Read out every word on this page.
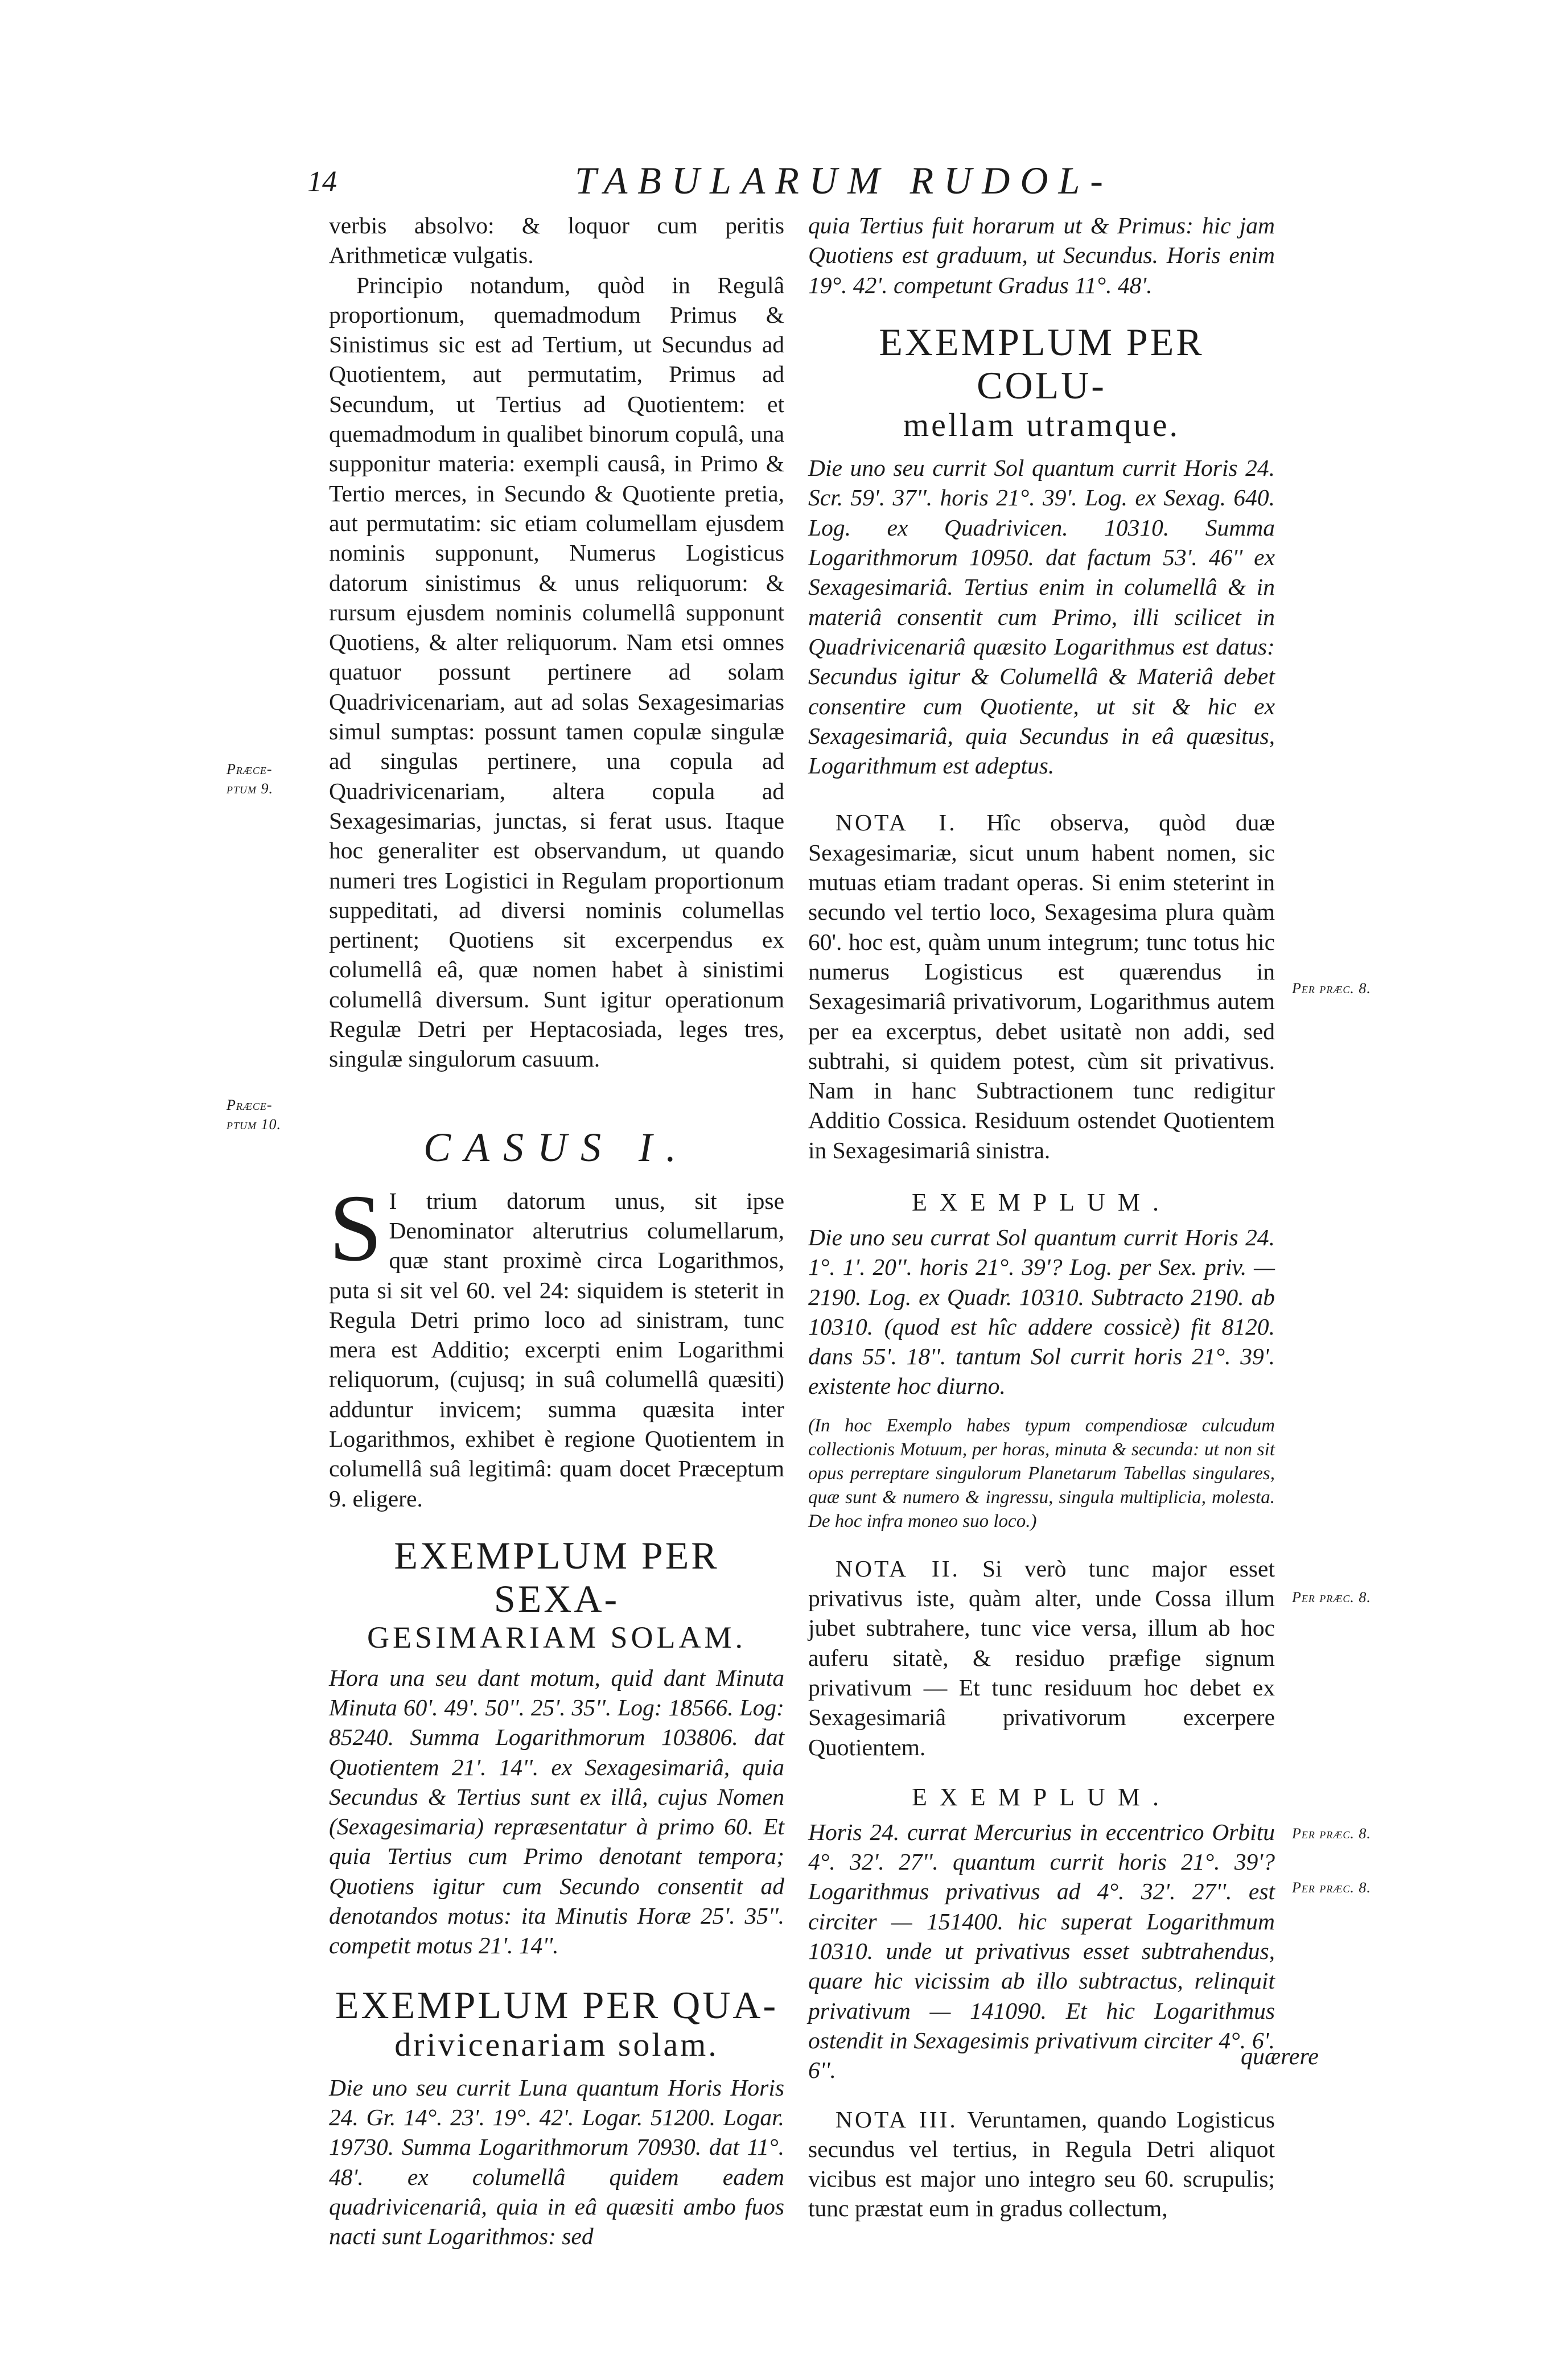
14	TABULARUM RUDOL-
Præce-
ptum 9.
Præce-
ptum 10.
Per præc. 8.
Per præc. 8.
Per præc. 8.
Per præc. 8.

verbis absolvo: & loquor cum peritis Arithmeticæ vulgatis.

Principio notandum, quòd in Regulâ proportionum, quemadmodum Primus & Sinistimus sic est ad Tertium, ut Secundus ad Quotientem, aut permutatim, Primus ad Secundum, ut Tertius ad Quotientem: et quemadmodum in qualibet binorum copulâ, una supponitur materia: exempli causâ, in Primo & Tertio merces, in Secundo & Quotiente pretia, aut permutatim: sic etiam columellam ejusdem nominis supponunt, Numerus Logisticus datorum sinistimus & unus reliquorum: & rursum ejusdem nominis columellâ supponunt Quotiens, & alter reliquorum. Nam etsi omnes quatuor possunt pertinere ad solam Quadrivicenariam, aut ad solas Sexagesimarias simul sumptas: possunt tamen copulæ singulæ ad singulas pertinere, una copula ad Quadrivicenariam, altera copula ad Sexagesimarias, junctas, si ferat usus. Itaque hoc generaliter est observandum, ut quando numeri tres Logistici in Regulam proportionum suppeditati, ad diversi nominis columellas pertinent; Quotiens sit excerpendus ex columellâ eâ, quæ nomen habet à sinistimi columellâ diversum. Sunt igitur operationum Regulæ Detri per Heptacosiada, leges tres, singulæ singulorum casuum.

CASUS I.

S I trium datorum unus, sit ipse Denominator alterutrius columellarum, quæ stant proximè circa Logarithmos, puta si sit vel 60. vel 24: siquidem is steterit in Regula Detri primo loco ad sinistram, tunc mera est Additio; excerpti enim Logarithmi reliquorum, (cujusq; in suâ columellâ quæsiti) adduntur invicem; summa quæsita inter Logarithmos, exhibet è regione Quotientem in columellâ suâ legitimâ: quam docet Præceptum 9. eligere.

EXEMPLUM PER SEXA-
GESIMARIAM SOLAM.

Hora una seu dant motum, quid dant Minuta Minuta 60'. 49'. 50''. 25'. 35''. Log: 18566. Log: 85240. Summa Logarithmorum 103806. dat Quotientem 21'. 14''. ex Sexagesimariâ, quia Secundus & Tertius sunt ex illâ, cujus Nomen (Sexagesimaria) repræsentatur à primo 60. Et quia Tertius cum Primo denotant tempora; Quotiens igitur cum Secundo consentit ad denotandos motus: ita Minutis Horæ 25'. 35''. competit motus 21'. 14''.

EXEMPLUM PER QUA-
drivicenariam solam.

Die uno seu currit Luna quantum Horis Horis 24. Gr. 14°. 23'. 19°. 42'. Logar. 51200. Logar. 19730. Summa Logarithmorum 70930. dat 11°. 48'. ex columellâ quidem eadem quadrivicenariâ, quia in eâ quæsiti ambo fuos nacti sunt Logarithmos: sed

quia Tertius fuit horarum ut & Primus: hic jam Quotiens est graduum, ut Secundus. Horis enim 19°. 42'. competunt Gradus 11°. 48'.

EXEMPLUM PER COLU-
mellam utramque.

Die uno seu currit Sol quantum currit Horis 24. Scr. 59'. 37''. horis 21°. 39'. Log. ex Sexag. 640. Log. ex Quadrivicen. 10310. Summa Logarithmorum 10950. dat factum 53'. 46'' ex Sexagesimariâ. Tertius enim in columellâ & in materiâ consentit cum Primo, illi scilicet in Quadrivicenariâ quæsito Logarithmus est datus: Secundus igitur & Columellâ & Materiâ debet consentire cum Quotiente, ut sit & hic ex Sexagesimariâ, quia Secundus in eâ quæsitus, Logarithmum est adeptus.

NOTA I. Hîc observa, quòd duæ Sexagesimariæ, sicut unum habent nomen, sic mutuas etiam tradant operas. Si enim steterint in secundo vel tertio loco, Sexagesima plura quàm 60'. hoc est, quàm unum integrum; tunc totus hic numerus Logisticus est quærendus in Sexagesimariâ privativorum, Logarithmus autem per ea excerptus, debet usitatè non addi, sed subtrahi, si quidem potest, cùm sit privativus. Nam in hanc Subtractionem tunc redigitur Additio Cossica. Residuum ostendet Quotientem in Sexagesimariâ sinistra.

EXEMPLUM.

Die uno seu currat Sol quantum currit Horis 24. 1°. 1'. 20''. horis 21°. 39'? Log. per Sex. priv. — 2190. Log. ex Quadr. 10310. Subtracto 2190. ab 10310. (quod est hîc addere cossicè) fit 8120. dans 55'. 18''. tantum Sol currit horis 21°. 39'. existente hoc diurno.

(In hoc Exemplo habes typum compendiosæ culcudum collectionis Motuum, per horas, minuta & secunda: ut non sit opus perreptare singulorum Planetarum Tabellas singulares, quæ sunt & numero & ingressu, singula multiplicia, molesta. De hoc infra moneo suo loco.)

NOTA II. Si verò tunc major esset privativus iste, quàm alter, unde Cossa illum jubet subtrahere, tunc vice versa, illum ab hoc auferu sitatè, & residuo præfige signum privativum — Et tunc residuum hoc debet ex Sexagesimariâ privativorum excerpere Quotientem.

EXEMPLUM.

Horis 24. currat Mercurius in eccentrico Orbitu 4°. 32'. 27''. quantum currit horis 21°. 39'? Logarithmus privativus ad 4°. 32'. 27''. est circiter — 151400. hic superat Logarithmum 10310. unde ut privativus esset subtrahendus, quare hic vicissim ab illo subtractus, relinquit privativum — 141090. Et hic Logarithmus ostendit in Sexagesimis privativum circiter 4°. 6'. 6''.

NOTA III. Veruntamen, quando Logisticus secundus vel tertius, in Regula Detri aliquot vicibus est major uno integro seu 60. scrupulis; tunc præstat eum in gradus collectum,

quærere
